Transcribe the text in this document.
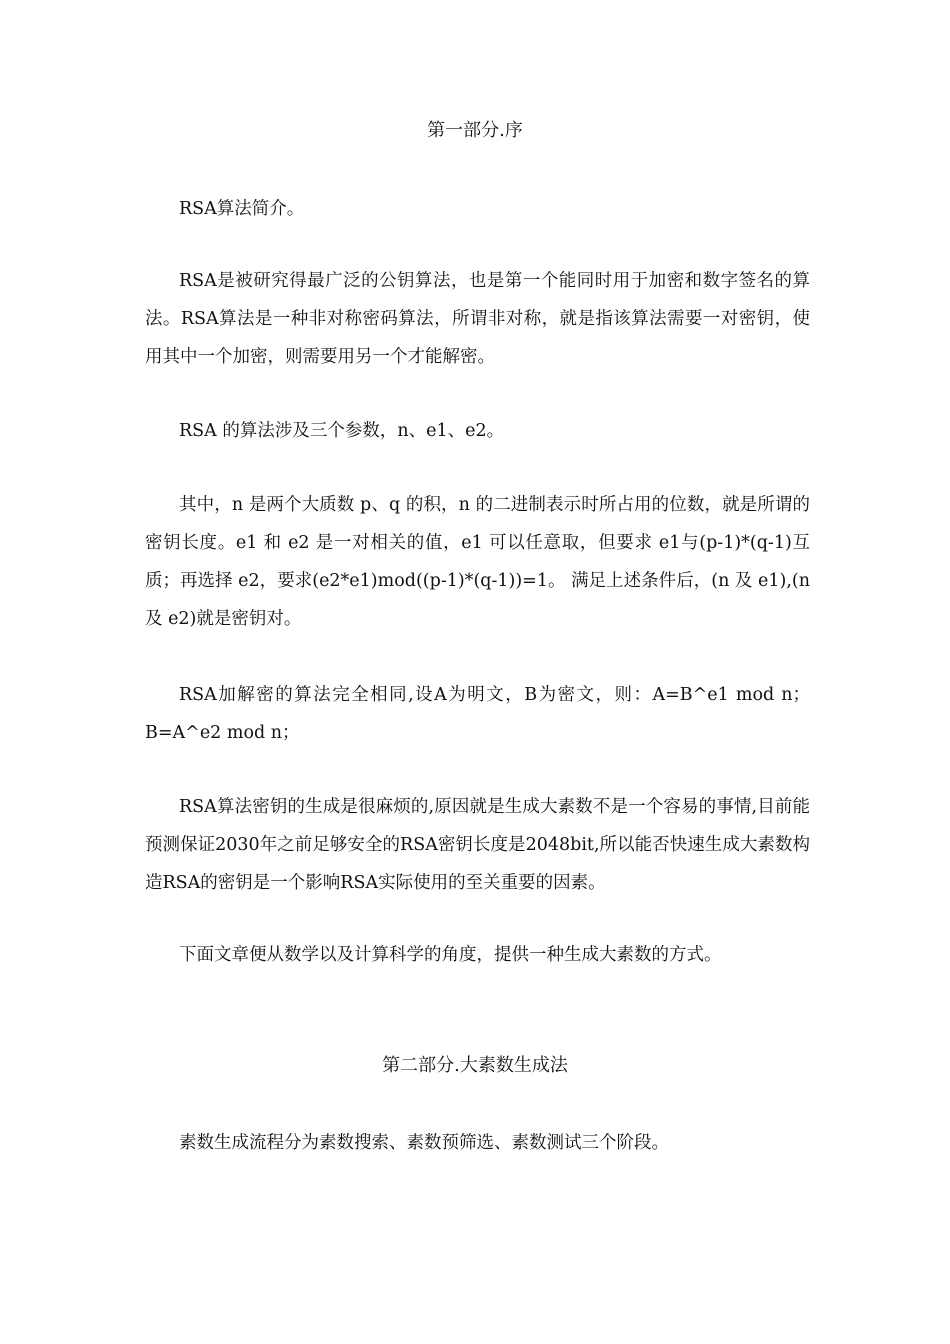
第一部分.序

RSA算法简介。

RSA是被研究得最广泛的公钥算法，也是第一个能同时用于加密和数字签名的算法。RSA算法是一种非对称密码算法，所谓非对称，就是指该算法需要一对密钥，使用其中一个加密，则需要用另一个才能解密。

RSA 的算法涉及三个参数，n、e1、e2。

其中，n 是两个大质数 p、q 的积，n 的二进制表示时所占用的位数，就是所谓的密钥长度。e1 和 e2 是一对相关的值，e1 可以任意取，但要求 e1与(p-1)*(q-1)互质；再选择 e2，要求(e2*e1)mod((p-1)*(q-1))=1。 满足上述条件后，(n 及 e1),(n 及 e2)就是密钥对。

RSA加解密的算法完全相同,设A为明文，B为密文，则：A=B^e1 mod n；B=A^e2 mod n；

RSA算法密钥的生成是很麻烦的,原因就是生成大素数不是一个容易的事情,目前能预测保证2030年之前足够安全的RSA密钥长度是2048bit,所以能否快速生成大素数构造RSA的密钥是一个影响RSA实际使用的至关重要的因素。

下面文章便从数学以及计算科学的角度，提供一种生成大素数的方式。

第二部分.大素数生成法

素数生成流程分为素数搜索、素数预筛选、素数测试三个阶段。
